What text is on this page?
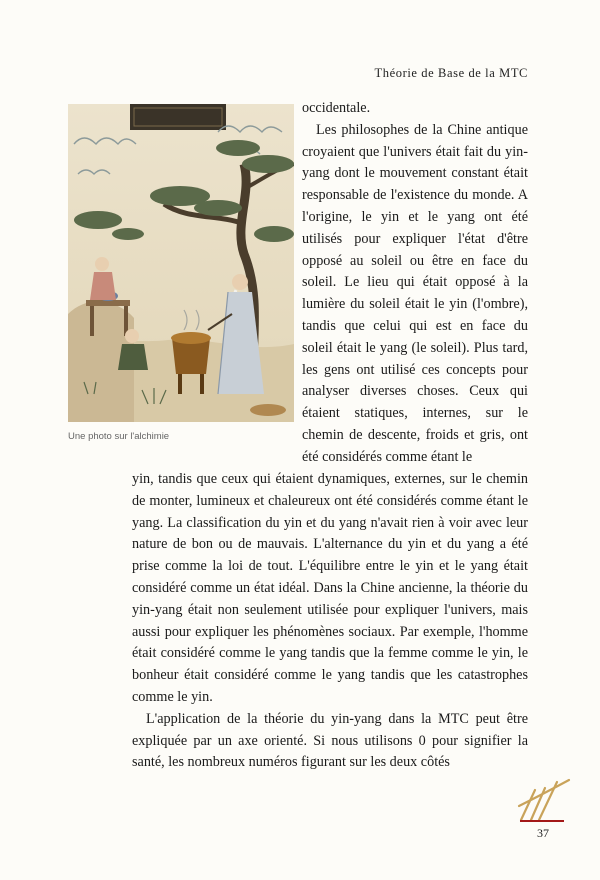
Théorie de Base de la MTC
Une photo sur l'alchimie

occidentale.

Les philosophes de la Chine antique croyaient que l'univers était fait du yin-yang dont le mouvement constant était responsable de l'existence du monde. A l'origine, le yin et le yang ont été utilisés pour expliquer l'état d'être opposé au soleil ou être en face du soleil. Le lieu qui était opposé à la lumière du soleil était le yin (l'ombre), tandis que celui qui est en face du soleil était le yang (le soleil). Plus tard, les gens ont utilisé ces concepts pour analyser diverses choses. Ceux qui étaient statiques, internes, sur le chemin de descente, froids et gris, ont été considérés comme étant le

yin, tandis que ceux qui étaient dynamiques, externes, sur le chemin de monter, lumineux et chaleureux ont été considérés comme étant le yang. La classification du yin et du yang n'avait rien à voir avec leur nature de bon ou de mauvais. L'alternance du yin et du yang a été prise comme la loi de tout. L'équilibre entre le yin et le yang était considéré comme un état idéal. Dans la Chine ancienne, la théorie du yin-yang était non seulement utilisée pour expliquer l'univers, mais aussi pour expliquer les phénomènes sociaux. Par exemple, l'homme était considéré comme le yang tandis que la femme comme le yin, le bonheur était considéré comme le yang tandis que les catastrophes comme le yin.

L'application de la théorie du yin-yang dans la MTC peut être expliquée par un axe orienté. Si nous utilisons 0 pour signifier la santé, les nombreux numéros figurant sur les deux côtés

37
